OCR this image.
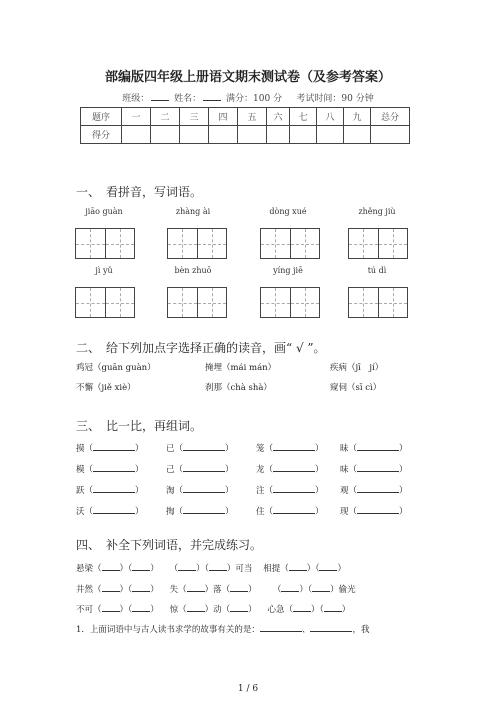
部编版四年级上册语文期末测试卷（及参考答案）
班级：	姓名：	满分：100 分 考试时间：90 分钟
题序	一	二	三	四	五	六	七	八	九	总分
得分										
一、　看拼音，写词语。
jiāo guàn	zhàng ài	dòng xué	zhěng jiù
jì yǔ	bèn zhuō	yíng jiē	tú dì
二、　给下列加点字选择正确的读音，画“ √ ”。
鸡冠（guān guàn）	掩埋（mái mán）	疾病（jī　jí）
不懈（jiě xiè）	刹那（chà shà）	窥伺（sī cì）
三、　比一比，再组词。
摸（	）	已（	）	笼（	） 昧（	）
模（	）	己（	）	龙（	） 味（	）
跃（	）	淘（	）	注（	） 观（	）
沃（	）	掏（	）	住（	） 现（	）
四、　补全下列词语，并完成练习。
悬梁（ ）（ ）    （ ）（ ）可当 相提（ ）（ ）
井然（ ）（ ）    失（ ）落（ ）      （ ）（ ）偷光
不可（ ）（ ）    惊（ ）动（ ）    心急（ ）（ ）
1．上面词语中与古人读书求学的故事有关的是：	、	，我
1 / 6
